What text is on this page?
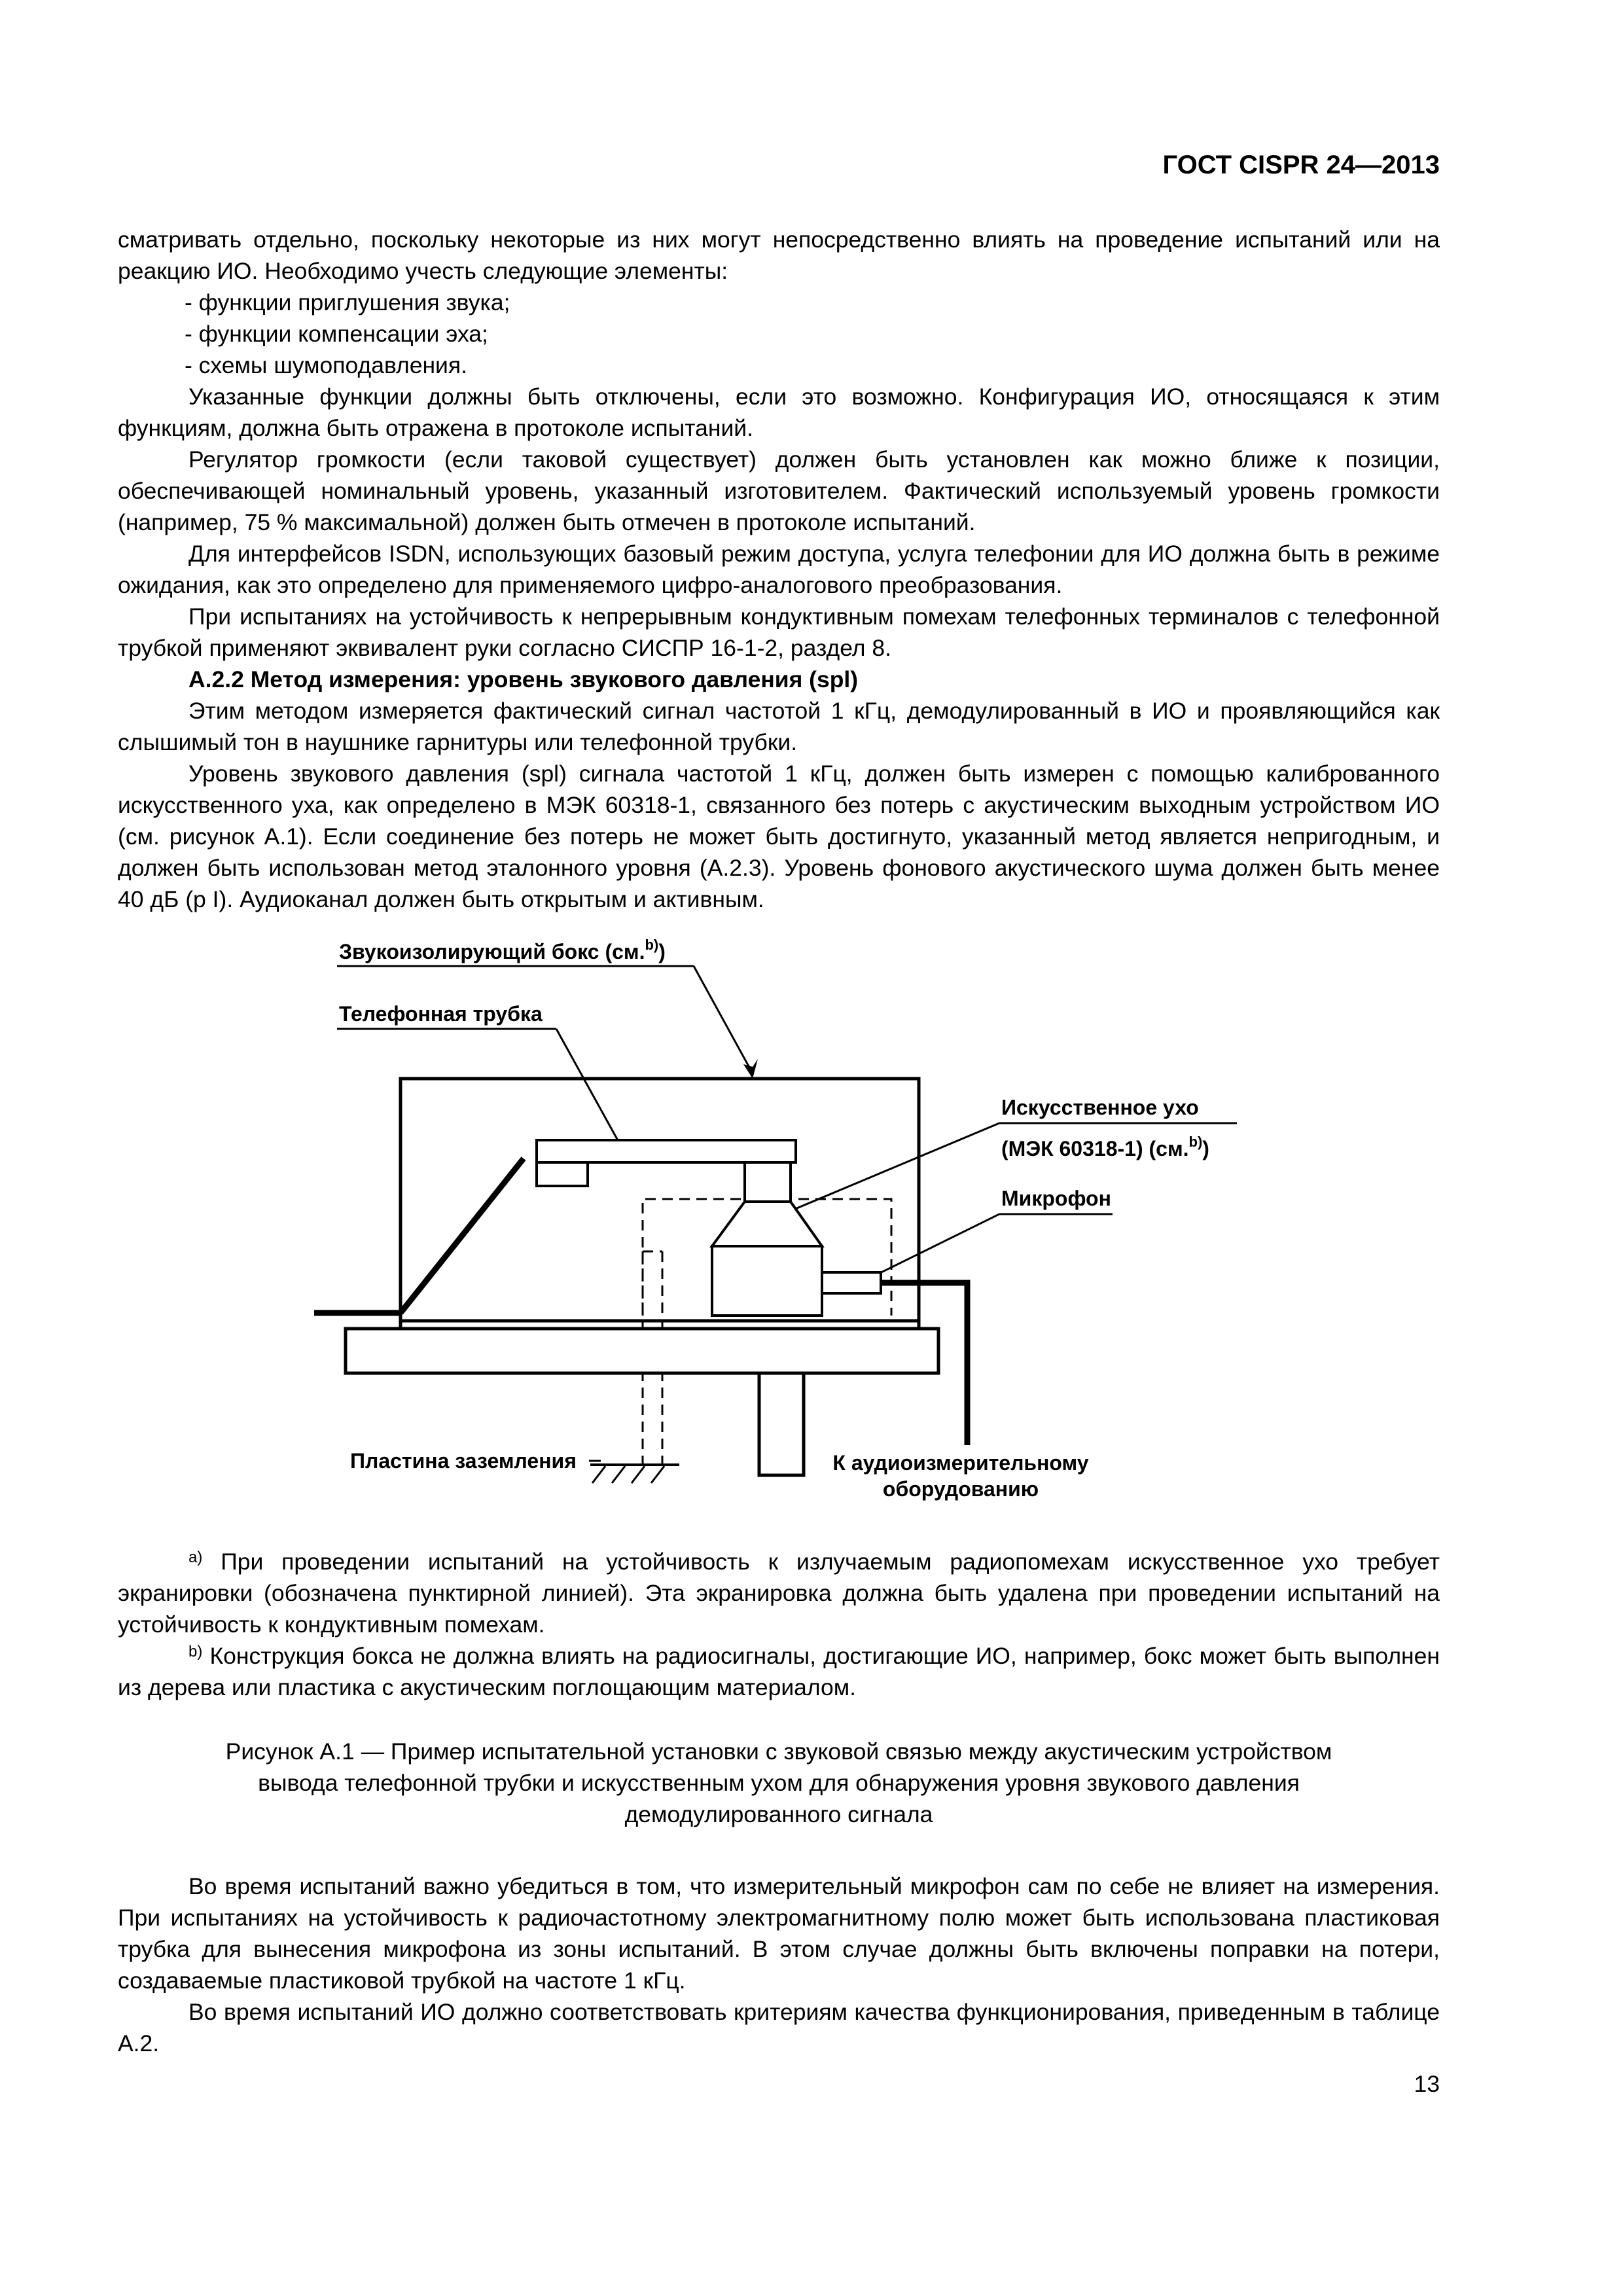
ГОСТ CISPR 24—2013

сматривать отдельно, поскольку некоторые из них могут непосредственно влиять на проведение испытаний или на реакцию ИО. Необходимо учесть следующие элементы:

- функции приглушения звука;

- функции компенсации эха;

- схемы шумоподавления.

Указанные функции должны быть отключены, если это возможно. Конфигурация ИО, относящаяся к этим функциям, должна быть отражена в протоколе испытаний.

Регулятор громкости (если таковой существует) должен быть установлен как можно ближе к позиции, обеспечивающей номинальный уровень, указанный изготовителем. Фактический используемый уровень громкости (например, 75 % максимальной) должен быть отмечен в протоколе испытаний.

Для интерфейсов ISDN, использующих базовый режим доступа, услуга телефонии для ИО должна быть в режиме ожидания, как это определено для применяемого цифро-аналогового преобразования.

При испытаниях на устойчивость к непрерывным кондуктивным помехам телефонных терминалов с телефонной трубкой применяют эквивалент руки согласно СИСПР 16-1-2, раздел 8.

А.2.2 Метод измерения: уровень звукового давления (spl)

Этим методом измеряется фактический сигнал частотой 1 кГц, демодулированный в ИО и проявляющийся как слышимый тон в наушнике гарнитуры или телефонной трубки.

Уровень звукового давления (spl) сигнала частотой 1 кГц, должен быть измерен с помощью калиброванного искусственного уха, как определено в МЭК 60318-1, связанного без потерь с акустическим выходным устройством ИО (см. рисунок А.1). Если соединение без потерь не может быть достигнуто, указанный метод является непригодным, и должен быть использован метод эталонного уровня (А.2.3). Уровень фонового акустического шума должен быть менее 40 дБ (р I). Аудиоканал должен быть открытым и активным.

Звукоизолирующий бокс (см.$^{b)}$)
Телефонная трубка
Искусственное ухо
(МЭК 60318-1) (см.$^{b)}$)
Микрофон
Пластина заземления	К аудиоизмерительному
оборудованию

$^{a)}$ При проведении испытаний на устойчивость к излучаемым радиопомехам искусственное ухо требует экранировки (обозначена пунктирной линией). Эта экранировка должна быть удалена при проведении испытаний на устойчивость к кондуктивным помехам.

$^{b)}$ Конструкция бокса не должна влиять на радиосигналы, достигающие ИО, например, бокс может быть выполнен из дерева или пластика с акустическим поглощающим материалом.

Рисунок А.1 — Пример испытательной установки с звуковой связью между акустическим устройством
вывода телефонной трубки и искусственным ухом для обнаружения уровня звукового давления
демодулированного сигнала

Во время испытаний важно убедиться в том, что измерительный микрофон сам по себе не влияет на измерения. При испытаниях на устойчивость к радиочастотному электромагнитному полю может быть использована пластиковая трубка для вынесения микрофона из зоны испытаний. В этом случае должны быть включены поправки на потери, создаваемые пластиковой трубкой на частоте 1 кГц.

Во время испытаний ИО должно соответствовать критериям качества функционирования, приведенным в таблице А.2.

13
